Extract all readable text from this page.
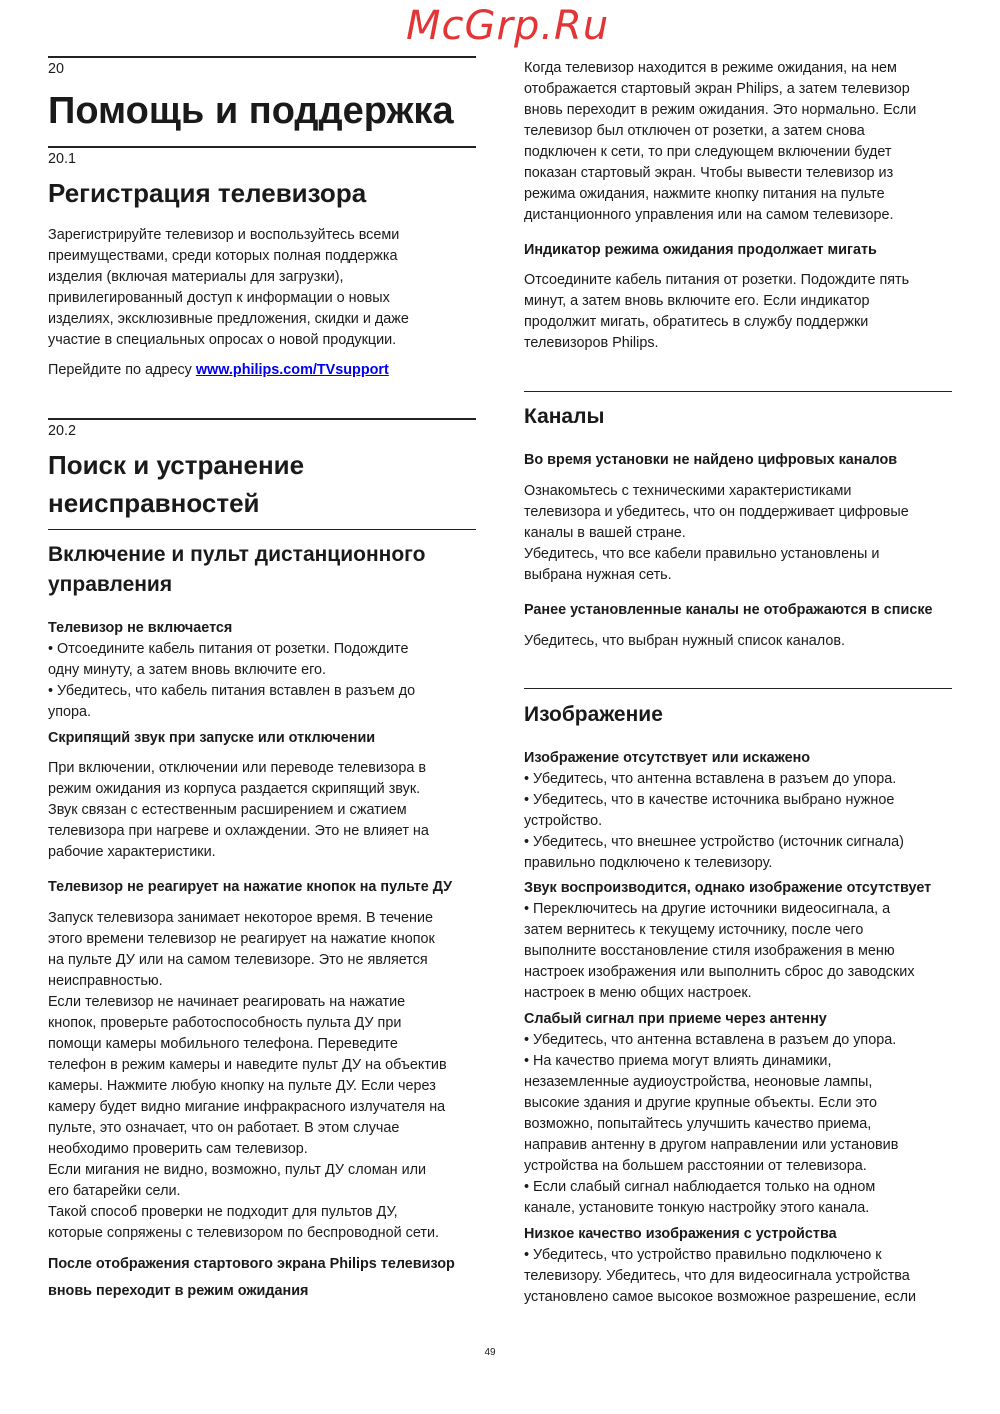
20
Помощь и поддержка
20.1
Регистрация телевизора
Зарегистрируйте телевизор и воспользуйтесь всеми
преимуществами, среди которых полная поддержка
изделия (включая материалы для загрузки),
привилегированный доступ к информации о новых
изделиях, эксклюзивные предложения, скидки и даже
участие в специальных опросах о новой продукции.
Перейдите по адресу www.philips.com/TVsupport
20.2
Поиск и устранение
неисправностей
Включение и пульт дистанционного
управления
Телевизор не включается
• Отсоедините кабель питания от розетки. Подождите
одну минуту, а затем вновь включите его.
• Убедитесь, что кабель питания вставлен в разъем до
упора.
Скрипящий звук при запуске или отключении
При включении, отключении или переводе телевизора в
режим ожидания из корпуса раздается скрипящий звук.
Звук связан с естественным расширением и сжатием
телевизора при нагреве и охлаждении. Это не влияет на
рабочие характеристики.
Телевизор не реагирует на нажатие кнопок на пульте ДУ
Запуск телевизора занимает некоторое время. В течение
этого времени телевизор не реагирует на нажатие кнопок
на пульте ДУ или на самом телевизоре. Это не является
неисправностью.
Если телевизор не начинает реагировать на нажатие
кнопок, проверьте работоспособность пульта ДУ при
помощи камеры мобильного телефона. Переведите
телефон в режим камеры и наведите пульт ДУ на объектив
камеры. Нажмите любую кнопку на пульте ДУ. Если через
камеру будет видно мигание инфракрасного излучателя на
пульте, это означает, что он работает. В этом случае
необходимо проверить сам телевизор.
Если мигания не видно, возможно, пульт ДУ сломан или
его батарейки сели.
Такой способ проверки не подходит для пультов ДУ,
которые сопряжены с телевизором по беспроводной сети.
После отображения стартового экрана Philips телевизор
вновь переходит в режим ожидания
Когда телевизор находится в режиме ожидания, на нем
отображается стартовый экран Philips, а затем телевизор
вновь переходит в режим ожидания. Это нормально. Если
телевизор был отключен от розетки, а затем снова
подключен к сети, то при следующем включении будет
показан стартовый экран. Чтобы вывести телевизор из
режима ожидания, нажмите кнопку питания на пульте
дистанционного управления или на самом телевизоре.
Индикатор режима ожидания продолжает мигать
Отсоедините кабель питания от розетки. Подождите пять
минут, а затем вновь включите его. Если индикатор
продолжит мигать, обратитесь в службу поддержки
телевизоров Philips.
Каналы
Во время установки не найдено цифровых каналов
Ознакомьтесь с техническими характеристиками
телевизора и убедитесь, что он поддерживает цифровые
каналы в вашей стране.
Убедитесь, что все кабели правильно установлены и
выбрана нужная сеть.
Ранее установленные каналы не отображаются в списке
Убедитесь, что выбран нужный список каналов.
Изображение
Изображение отсутствует или искажено
• Убедитесь, что антенна вставлена в разъем до упора.
• Убедитесь, что в качестве источника выбрано нужное
устройство.
• Убедитесь, что внешнее устройство (источник сигнала)
правильно подключено к телевизору.
Звук воспроизводится, однако изображение отсутствует
• Переключитесь на другие источники видеосигнала, а
затем вернитесь к текущему источнику, после чего
выполните восстановление стиля изображения в меню
настроек изображения или выполнить сброс до заводских
настроек в меню общих настроек.
Слабый сигнал при приеме через антенну
• Убедитесь, что антенна вставлена в разъем до упора.
• На качество приема могут влиять динамики,
незаземленные аудиоустройства, неоновые лампы,
высокие здания и другие крупные объекты. Если это
возможно, попытайтесь улучшить качество приема,
направив антенну в другом направлении или установив
устройства на большем расстоянии от телевизора.
• Если слабый сигнал наблюдается только на одном
канале, установите тонкую настройку этого канала.
Низкое качество изображения с устройства
• Убедитесь, что устройство правильно подключено к
телевизору. Убедитесь, что для видеосигнала устройства
установлено самое высокое возможное разрешение, если
McGrp.Ru
49
